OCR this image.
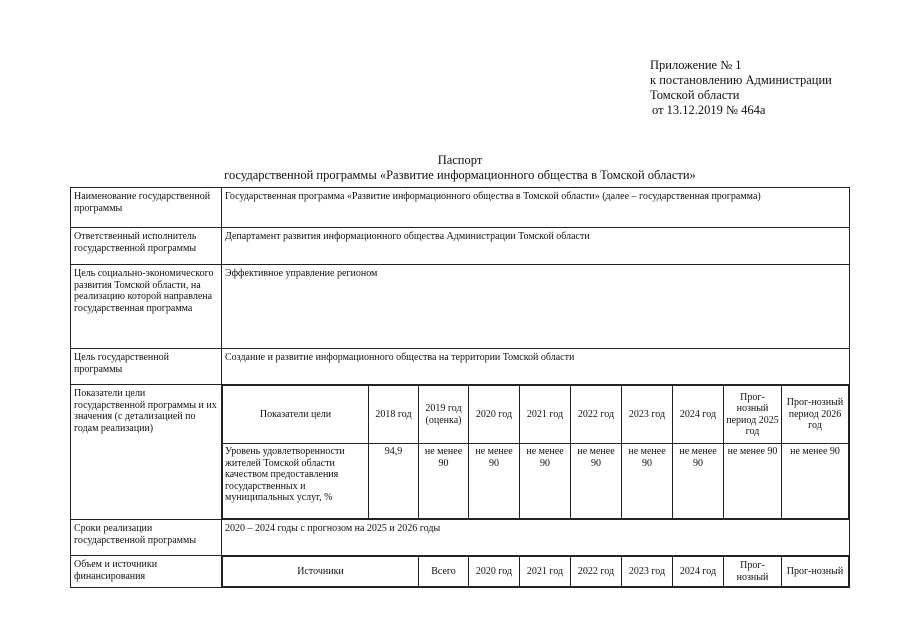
Приложение № 1
к постановлению Администрации
Томской области
от 13.12.2019 № 464а
Паспорт
государственной программы «Развитие информационного общества в Томской области»
Наименование государственной программы	Государственная программа «Развитие информационного общества в Томской области» (далее – государственная программа)
Ответственный исполнитель государственной программы	Департамент развития информационного общества Администрации Томской области
Цель социально-экономического развития Томской области, на реализацию которой направлена государственная программа	Эффективное управление регионом
Цель государственной программы	Создание и развитие информационного общества на территории Томской области
Показатели цели государственной программы и их значения (с детализацией по годам реализации)	
Показатели цели	2018 год	2019 год (оценка)	2020 год	2021 год	2022 год	2023 год	2024 год	Прог-нозный период 2025 год	Прог-нозный период 2026 год
Уровень удовлетворенности жителей Томской области качеством предоставления государственных и муниципальных услуг, %	94,9	не менее 90	не менее 90	не менее 90	не менее 90	не менее 90	не менее 90	не менее 90	не менее 90

Сроки реализации государственной программы	2020 – 2024 годы с прогнозом на 2025 и 2026 годы
Объем и источники финансирования		Источники	Всего	2020 год	2021 год	2022 год	2023 год	2024 год	Прог-нозный	Прог-нозный
